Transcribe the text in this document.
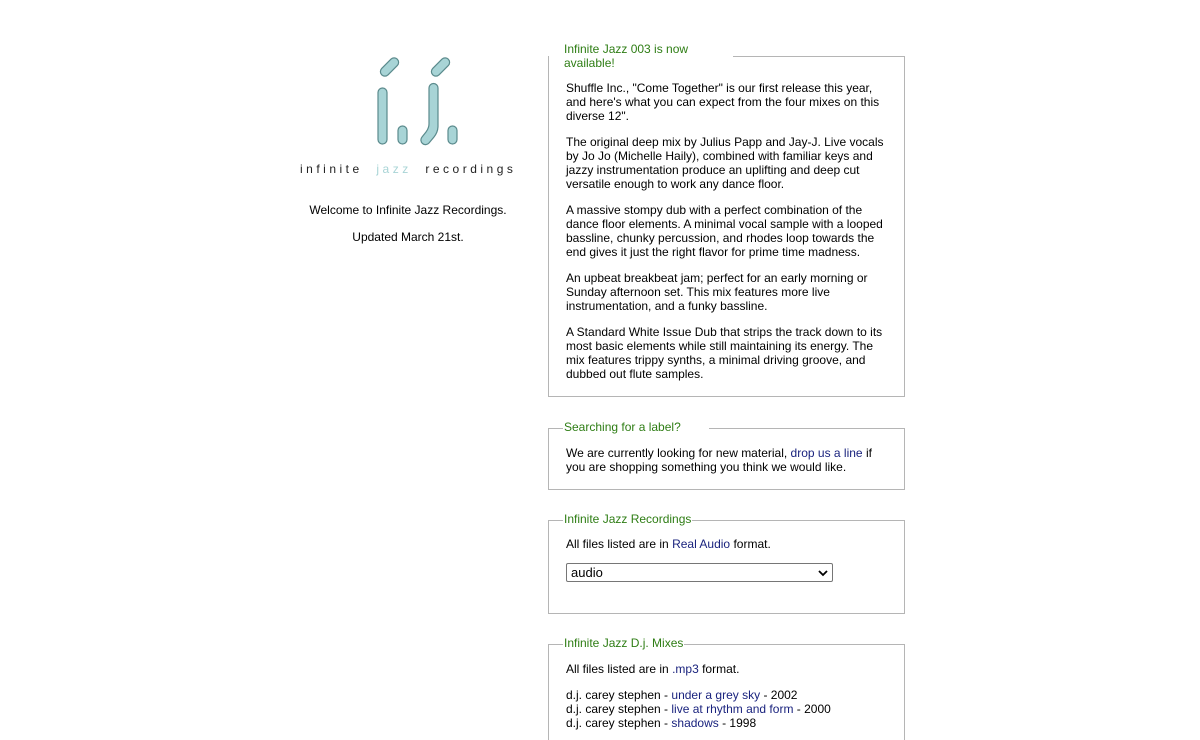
infinite jazz recordings
Welcome to Infinite Jazz Recordings.
Updated March 21st.
Infinite Jazz 003 is now available!

Shuffle Inc., "Come Together" is our first release this year, and here's what you can expect from the four mixes on this diverse 12".

The original deep mix by Julius Papp and Jay-J. Live vocals by Jo Jo (Michelle Haily), combined with familiar keys and jazzy instrumentation produce an uplifting and deep cut versatile enough to work any dance floor.

A massive stompy dub with a perfect combination of the dance floor elements. A minimal vocal sample with a looped bassline, chunky percussion, and rhodes loop towards the end gives it just the right flavor for prime time madness.

An upbeat breakbeat jam; perfect for an early morning or Sunday afternoon set. This mix features more live instrumentation, and a funky bassline.

A Standard White Issue Dub that strips the track down to its most basic elements while still maintaining its energy. The mix features trippy synths, a minimal driving groove, and dubbed out flute samples.

Searching for a label?
We are currently looking for new material, drop us a line if you are shopping something you think we would like.
Infinite Jazz Recordings
All files listed are in Real Audio format.
audio
Infinite Jazz D.j. Mixes
All files listed are in .mp3 format.
d.j. carey stephen - under a grey sky - 2002
d.j. carey stephen - live at rhythm and form - 2000
d.j. carey stephen - shadows - 1998
